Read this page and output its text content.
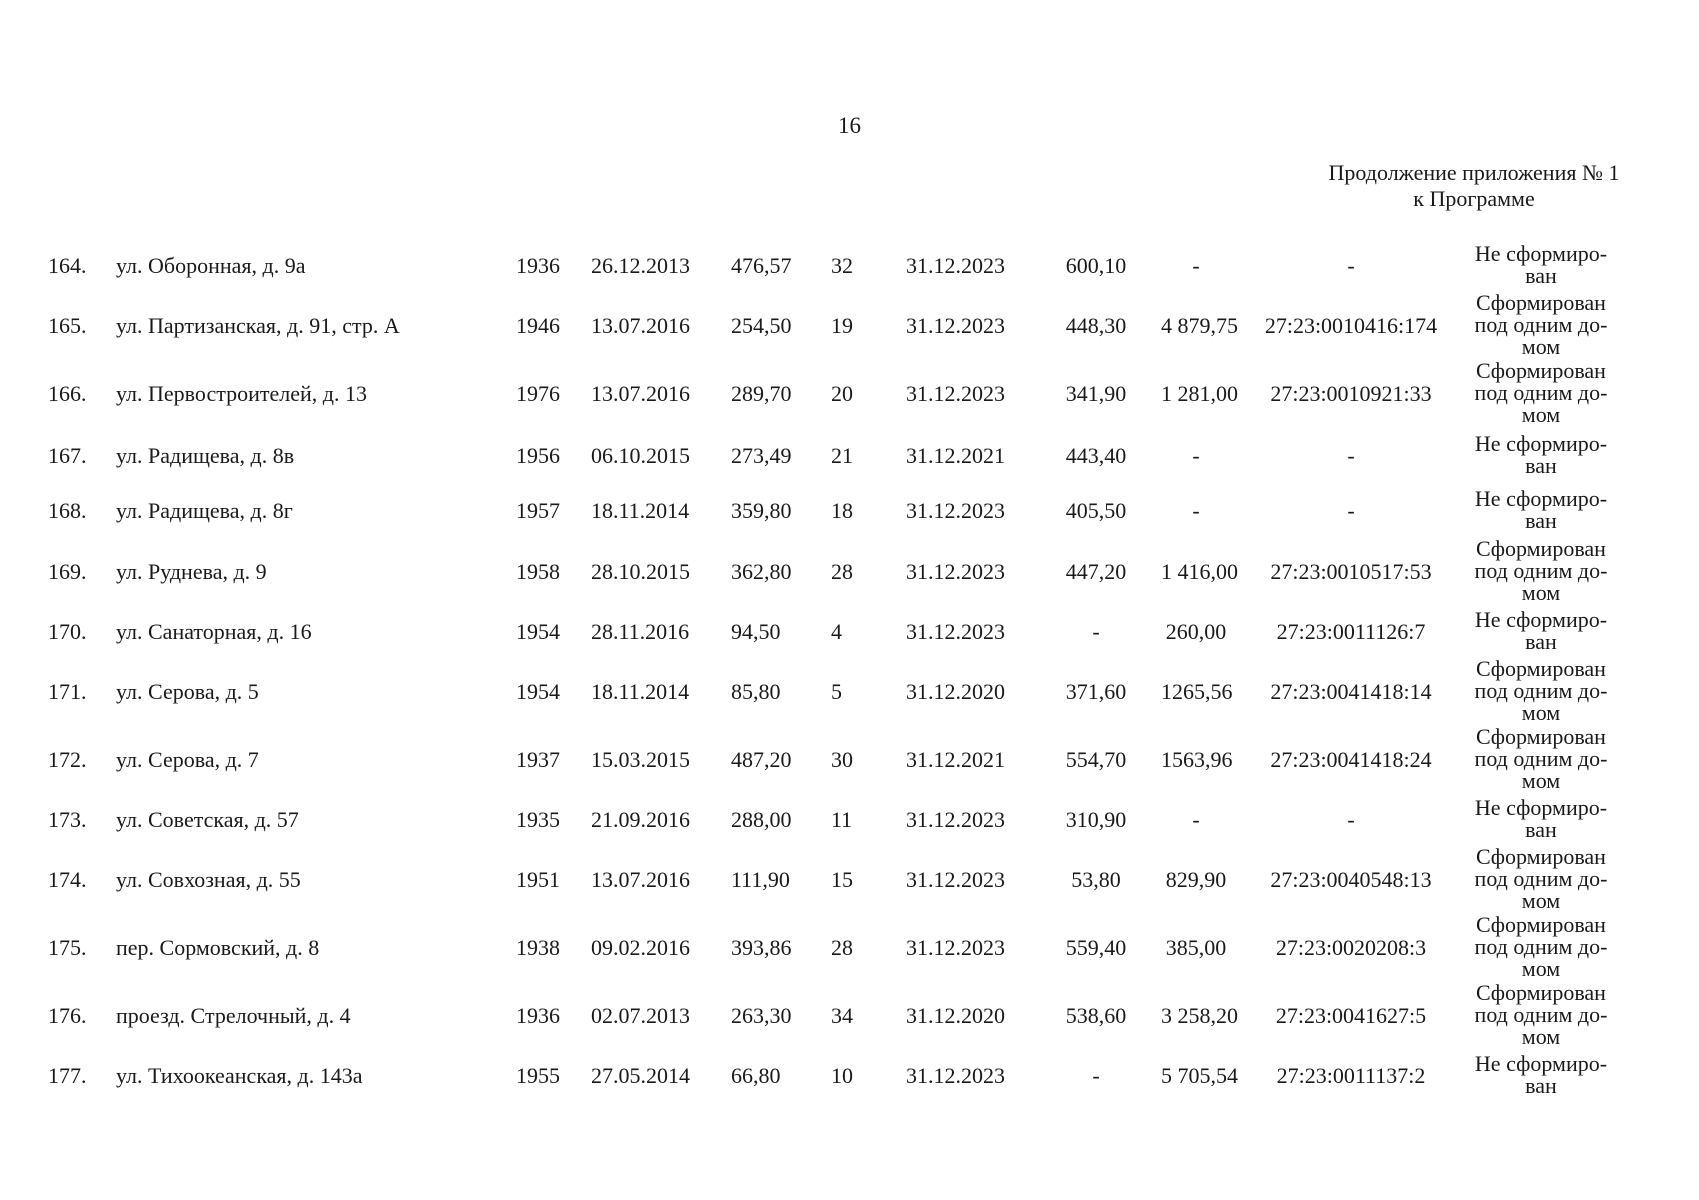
16
Продолжение приложения № 1
к Программе
164.	ул. Оборонная, д. 9а	1936	26.12.2013	476,57	32	31.12.2023	600,10	-	-	Не сформиро-ван
165.	ул. Партизанская, д. 91, стр. А	1946	13.07.2016	254,50	19	31.12.2023	448,30	4 879,75	27:23:0010416:174	Сформирован под одним до-мом
166.	ул. Первостроителей, д. 13	1976	13.07.2016	289,70	20	31.12.2023	341,90	1 281,00	27:23:0010921:33	Сформирован под одним до-мом
167.	ул. Радищева, д. 8в	1956	06.10.2015	273,49	21	31.12.2021	443,40	-	-	Не сформиро-ван
168.	ул. Радищева, д. 8г	1957	18.11.2014	359,80	18	31.12.2023	405,50	-	-	Не сформиро-ван
169.	ул. Руднева, д. 9	1958	28.10.2015	362,80	28	31.12.2023	447,20	1 416,00	27:23:0010517:53	Сформирован под одним до-мом
170.	ул. Санаторная, д. 16	1954	28.11.2016	94,50	4	31.12.2023	-	260,00	27:23:0011126:7	Не сформиро-ван
171.	ул. Серова, д. 5	1954	18.11.2014	85,80	5	31.12.2020	371,60	1265,56	27:23:0041418:14	Сформирован под одним до-мом
172.	ул. Серова, д. 7	1937	15.03.2015	487,20	30	31.12.2021	554,70	1563,96	27:23:0041418:24	Сформирован под одним до-мом
173.	ул. Советская, д. 57	1935	21.09.2016	288,00	11	31.12.2023	310,90	-	-	Не сформиро-ван
174.	ул. Совхозная, д. 55	1951	13.07.2016	111,90	15	31.12.2023	53,80	829,90	27:23:0040548:13	Сформирован под одним до-мом
175.	пер. Сормовский, д. 8	1938	09.02.2016	393,86	28	31.12.2023	559,40	385,00	27:23:0020208:3	Сформирован под одним до-мом
176.	проезд. Стрелочный, д. 4	1936	02.07.2013	263,30	34	31.12.2020	538,60	3 258,20	27:23:0041627:5	Сформирован под одним до-мом
177.	ул. Тихоокеанская, д. 143а	1955	27.05.2014	66,80	10	31.12.2023	-	5 705,54	27:23:0011137:2	Не сформиро-ван
